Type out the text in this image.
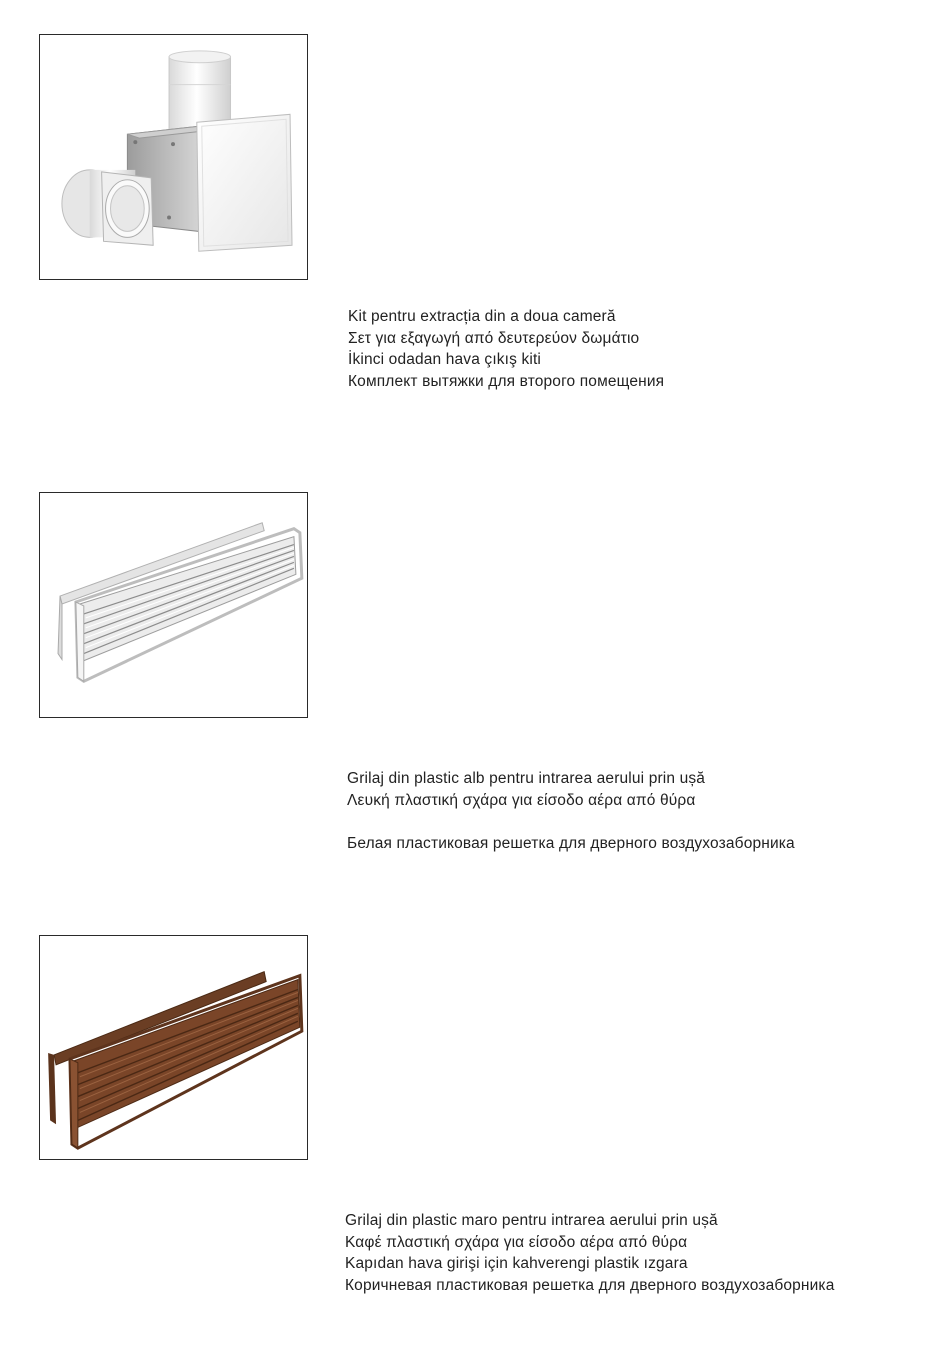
Kit pentru extracția din a doua cameră
Σετ για εξαγωγή από δευτερεύον δωμάτιο
İkinci odadan hava çıkış kiti
Комплект вытяжки для второго помещения
Grilaj din plastic alb pentru intrarea aerului prin ușă
Λευκή πλαστική σχάρα για είσοδο αέρα από θύρα
Белая пластиковая решетка для дверного воздухозаборника
Grilaj din plastic maro pentru intrarea aerului prin ușă
Καφέ πλαστική σχάρα για είσοδο αέρα από θύρα
Kapıdan hava girişi için kahverengi plastik ızgara
Коричневая пластиковая решетка для дверного воздухозаборника
